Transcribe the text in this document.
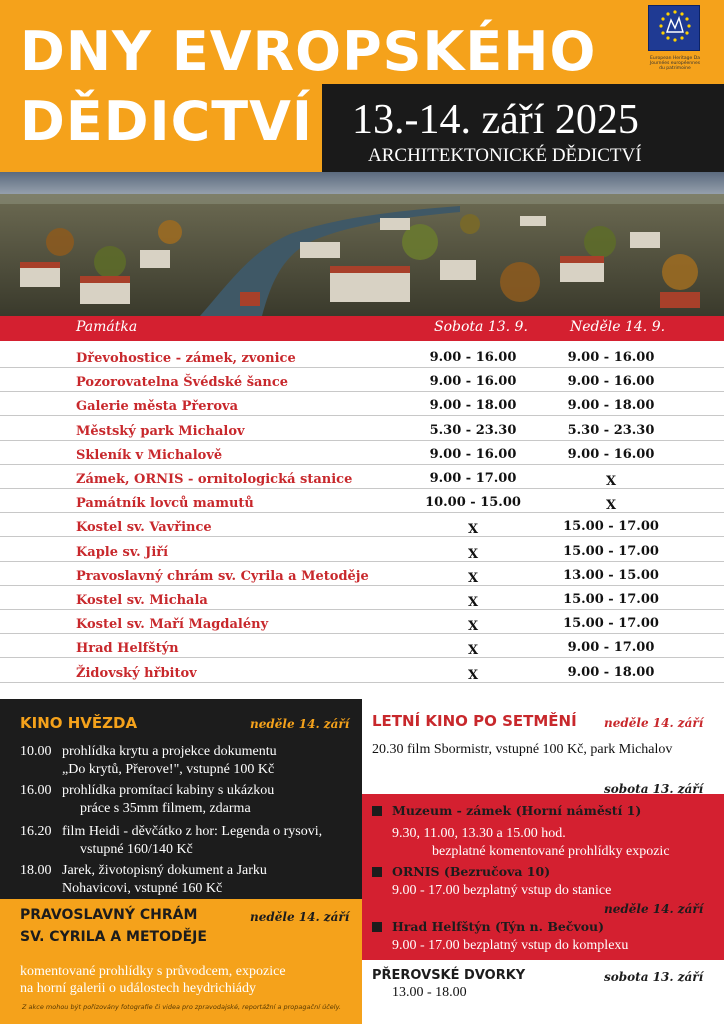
DNY EVROPSKÉHO
DĚDICTVÍ 13.-14. září 2025
ARCHITEKTONICKÉ DĚDICTVÍ
European Heritage Da
Journées européennes
du patrimoine
Památka	Sobota 13. 9.	Neděle 14. 9.
Dřevohostice - zámek, zvonice	9.00 - 16.00	9.00 - 16.00
Pozorovatelna Švédské šance	9.00 - 16.00	9.00 - 16.00
Galerie města Přerova	9.00 - 18.00	9.00 - 18.00
Městský park Michalov	5.30 - 23.30	5.30 - 23.30
Skleník v Michalově	9.00 - 16.00	9.00 - 16.00
Zámek, ORNIS - ornitologická stanice	9.00 - 17.00	X
Památník lovců mamutů	10.00 - 15.00	X
Kostel sv. Vavřince	X	15.00 - 17.00
Kaple sv. Jiří	X	15.00 - 17.00
Pravoslavný chrám sv. Cyrila a Metoděje	X	13.00 - 15.00
Kostel sv. Michala	X	15.00 - 17.00
Kostel sv. Maří Magdalény	X	15.00 - 17.00
Hrad Helfštýn	X	9.00 - 17.00
Židovský hřbitov	X	9.00 - 18.00
KINO HVĚZDA	neděle 14. září
10.00 prohlídka krytu a projekce dokumentu
„Do krytů, Přerove!", vstupné 100 Kč
16.00 prohlídka promítací kabiny s ukázkou
práce s 35mm filmem, zdarma
16.20 film Heidi - děvčátko z hor: Legenda o rysovi,
vstupné 160/140 Kč
18.00 Jarek, životopisný dokument a Jarku
Nohavicovi, vstupné 160 Kč
LETNÍ KINO PO SETMĚNÍ neděle 14. září
20.30 film Sbormistr, vstupné 100 Kč, park Michalov
MUZEUM KOMENSKÉHO	sobota 13. září
Muzeum - zámek (Horní náměstí 1)
9.30, 11.00, 13.30 a 15.00 hod.
bezplatné komentované prohlídky expozic
ORNIS (Bezručova 10)
9.00 - 17.00 bezplatný vstup do stanice
neděle 14. září
Hrad Helfštýn (Týn n. Bečvou)
9.00 - 17.00 bezplatný vstup do komplexu
PRAVOSLAVNÝ CHRÁM
SV. CYRILA A METODĚJE
neděle 14. září
komentované prohlídky s průvodcem, expozice
na horní galerii o událostech heydrichiády
Z akce mohou být pořizovány fotografie či videa pro zpravodajské, reportážní a propagační účely.
PŘEROVSKÉ DVORKY	sobota 13. září
13.00 - 18.00
